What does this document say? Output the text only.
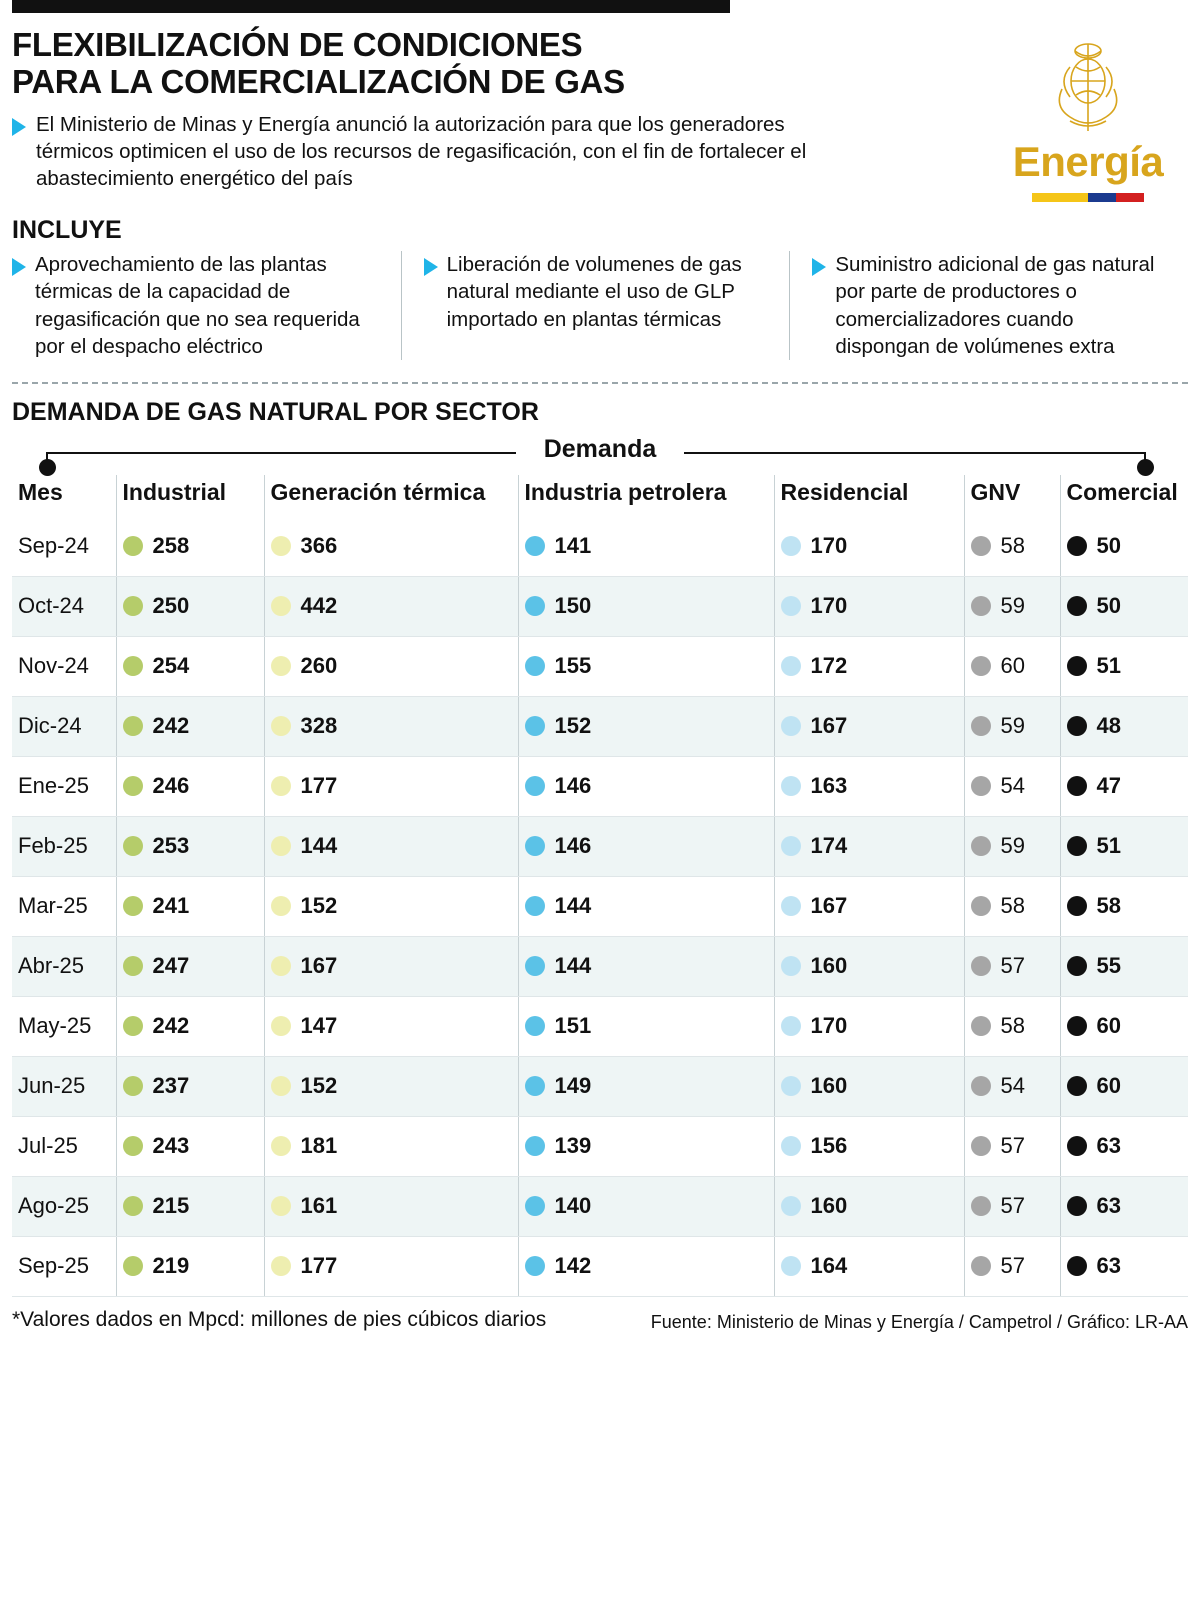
FLEXIBILIZACIÓN DE CONDICIONES
PARA LA COMERCIALIZACIÓN DE GAS
El Ministerio de Minas y Energía anunció la autorización para que los generadores térmicos optimicen el uso de los recursos de regasificación, con el fin de fortalecer el abastecimiento energético del país	Energía
INCLUYE

Aprovechamiento de las plantas térmicas de la capacidad de regasificación que no sea requerida por el despacho eléctrico

Liberación de volumenes de gas natural mediante el uso de GLP importado en plantas térmicas

Suministro adicional de gas natural por parte de productores o comercializadores cuando dispongan de volúmenes extra

DEMANDA DE GAS NATURAL POR SECTOR
Demanda
Mes	Industrial	Generación térmica	Industria petrolera	Residencial	GNV	Comercial
Sep-24	258	366	141	170	58	50

Oct-24	250	442	150	170	59	50

Nov-24	254	260	155	172	60	51

Dic-24	242	328	152	167	59	48

Ene-25	246	177	146	163	54	47

Feb-25	253	144	146	174	59	51

Mar-25	241	152	144	167	58	58

Abr-25	247	167	144	160	57	55

May-25	242	147	151	170	58	60

Jun-25	237	152	149	160	54	60

Jul-25	243	181	139	156	57	63

Ago-25	215	161	140	160	57	63

Sep-25	219	177	142	164	57	63
*Valores dados en Mpcd: millones de pies cúbicos diarios	Fuente: Ministerio de Minas y Energía / Campetrol / Gráfico: LR-AA
